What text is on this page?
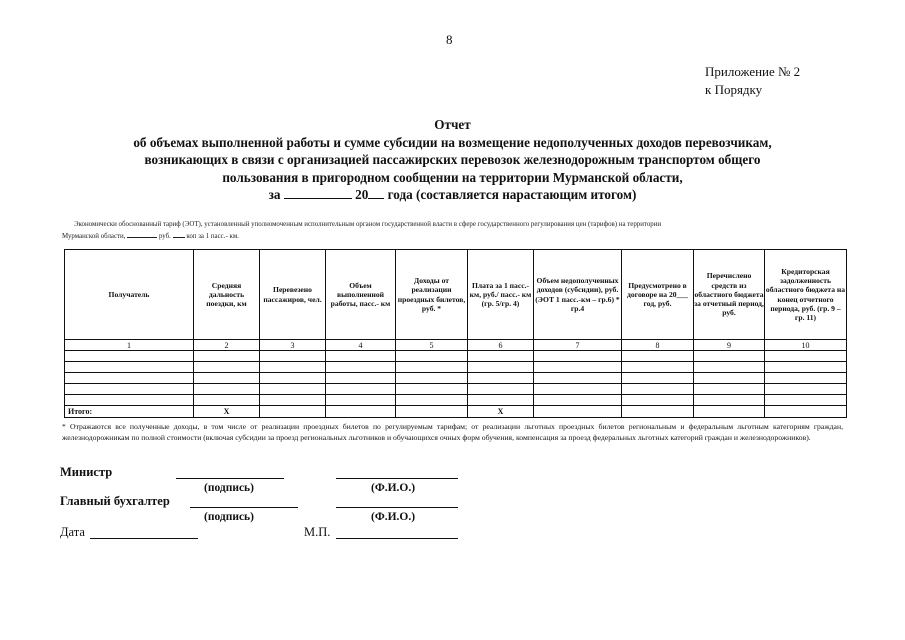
8
Приложение № 2
к Порядку
Отчет
об объемах выполненной работы и сумме субсидии на возмещение недополученных доходов перевозчикам,
возникающих в связи с организацией пассажирских перевозок железнодорожным транспортом общего
пользования в пригородном сообщении на территории Мурманской области,
за	20 года (составляется нарастающим итогом)
Экономически обоснованный тариф (ЭОТ), установленный уполномоченным исполнительным органом государственной власти в сфере государственного регулирования цен (тарифов) на территории
Мурманской области,	руб. коп за 1 пасс.- км.
Получатель	Средняя дальность поездки, км	Перевезено пассажиров, чел.	Объем выполненной работы, пасс.- км	Доходы от реализации проездных билетов, руб. *	Плата за 1 пасс.- км, руб./ пасс.- км (гр. 5/гр. 4)	Объем недополученных доходов (субсидии), руб. (ЭОТ 1 пасс.-км – гр.6) * гр.4	Предусмотрено в договоре на 20___ год, руб.	Перечислено средств из областного бюджета за отчетный период, руб.	Кредиторская задолженность областного бюджета на конец отчетного периода, руб. (гр. 9 – гр. 11)
1	2	3	4	5	6	7	8	9	10

Итого:	X				X				
* Отражаются все полученные доходы, в том числе от реализации проездных билетов по регулируемым тарифам; от реализации льготных проездных билетов региональным и федеральным льготным категориям граждан, железнодорожникам по полной стоимости (включая субсидии за проезд региональных льготников и обучающихся очных форм обучения, компенсация за проезд федеральных льготных категорий граждан и железнодорожников).
Министр
(подпись)	(Ф.И.О.)
Главный бухгалтер
(подпись)	(Ф.И.О.)
Дата	М.П.
